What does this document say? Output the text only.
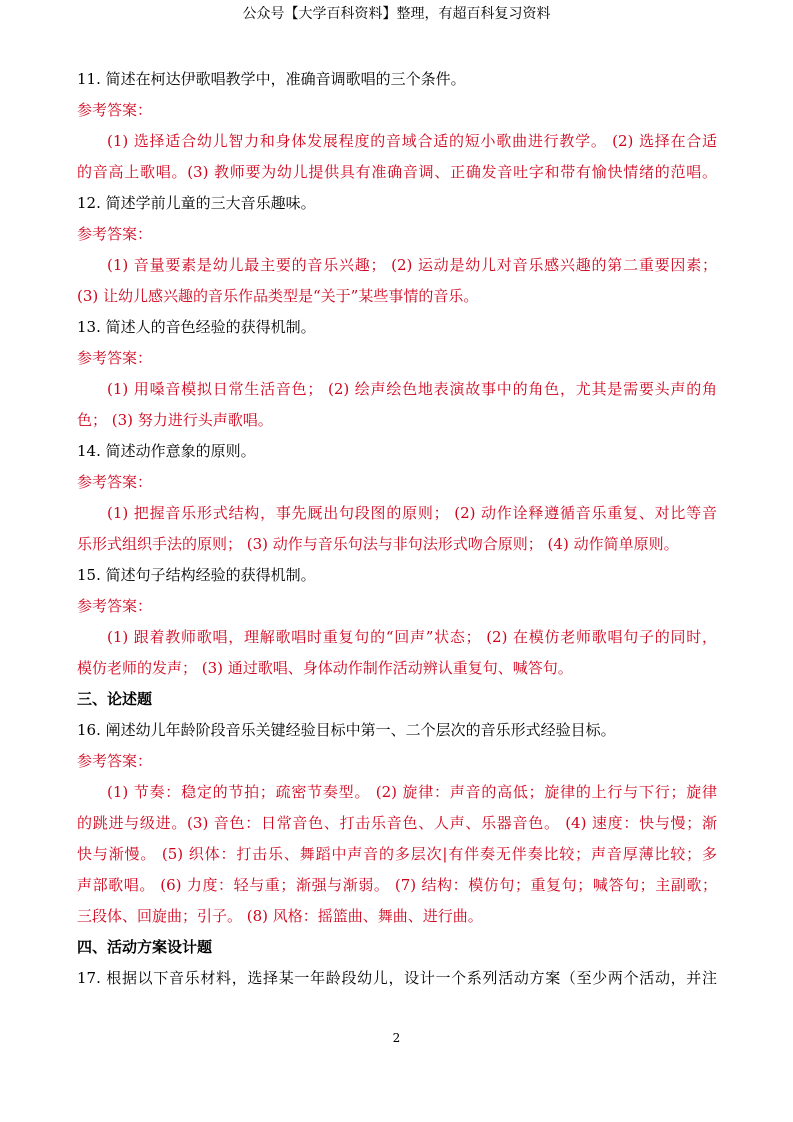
公众号【大学百科资料】整理，有超百科复习资料
11. 简述在柯达伊歌唱教学中，准确音调歌唱的三个条件。
参考答案：
(1) 选择适合幼儿智力和身体发展程度的音域合适的短小歌曲进行教学。 (2) 选择在合适
的音高上歌唱。(3) 教师要为幼儿提供具有准确音调、正确发音吐字和带有愉快情绪的范唱。
12. 简述学前儿童的三大音乐趣味。
参考答案：
(1) 音量要素是幼儿最主要的音乐兴趣； (2) 运动是幼儿对音乐感兴趣的第二重要因素；
(3) 让幼儿感兴趣的音乐作品类型是“关于”某些事情的音乐。
13. 简述人的音色经验的获得机制。
参考答案：
(1) 用嗓音模拟日常生活音色； (2) 绘声绘色地表演故事中的角色，尤其是需要头声的角
色； (3) 努力进行头声歌唱。
14. 简述动作意象的原则。
参考答案：
(1) 把握音乐形式结构，事先厩出句段图的原则； (2) 动作诠释遵循音乐重复、对比等音
乐形式组织手法的原则； (3) 动作与音乐句法与非句法形式吻合原则； (4) 动作简单原则。
15. 简述句子结构经验的获得机制。
参考答案：
(1) 跟着教师歌唱，理解歌唱时重复句的“回声”状态； (2) 在模仿老师歌唱句子的同时，
模仿老师的发声； (3) 通过歌唱、身体动作制作活动辨认重复句、喊答句。
三、论述题
16. 阐述幼儿年龄阶段音乐关键经验目标中第一、二个层次的音乐形式经验目标。
参考答案：
(1) 节奏：稳定的节拍；疏密节奏型。 (2) 旋律：声音的高低；旋律的上行与下行；旋律
的跳进与级进。(3) 音色：日常音色、打击乐音色、人声、乐器音色。 (4) 速度：快与慢；渐
快与渐慢。 (5) 织体：打击乐、舞蹈中声音的多层次|有伴奏无伴奏比较；声音厚薄比较；多
声部歌唱。 (6) 力度：轻与重；渐强与渐弱。 (7) 结构：模仿句；重复句；喊答句；主副歌；
三段体、回旋曲；引子。 (8) 风格：摇篮曲、舞曲、进行曲。
四、活动方案设计题
17. 根据以下音乐材料，选择某一年龄段幼儿，设计一个系列活动方案（至少两个活动，并注
2
